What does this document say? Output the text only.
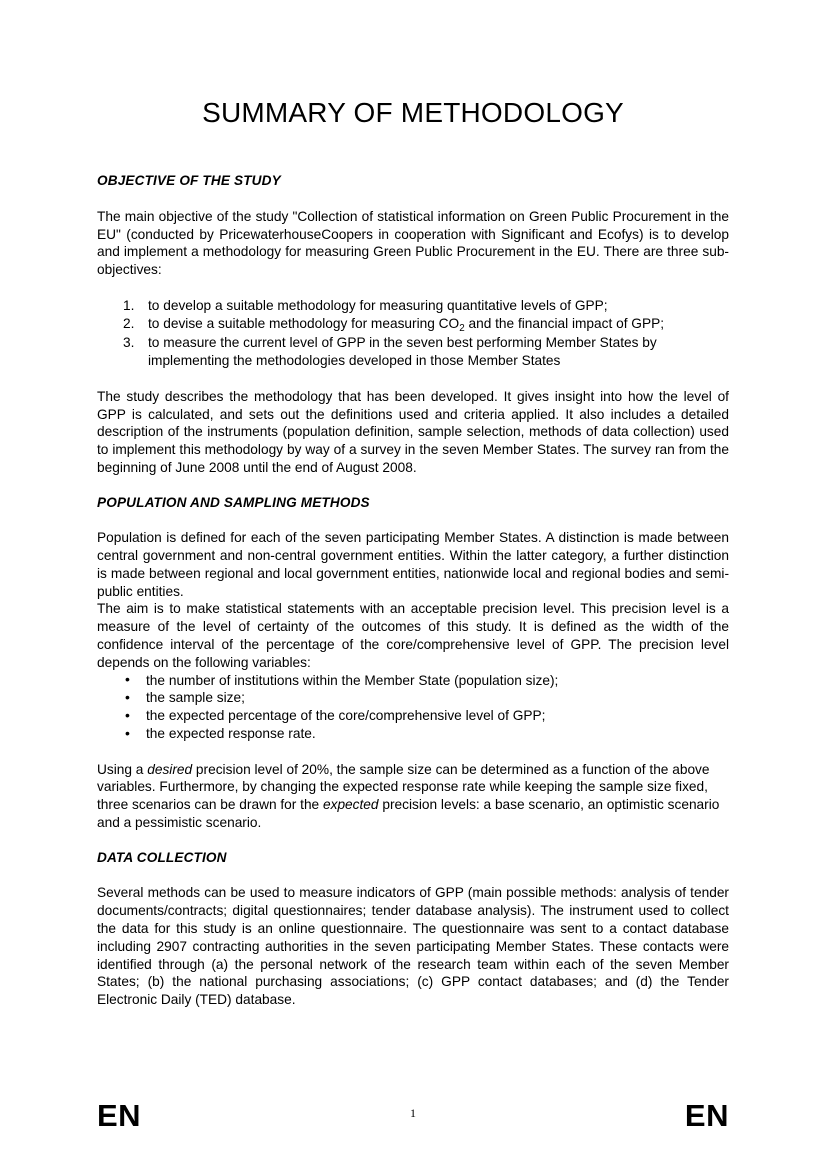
SUMMARY OF METHODOLOGY
OBJECTIVE OF THE STUDY

The main objective of the study "Collection of statistical information on Green Public Procurement in the EU" (conducted by PricewaterhouseCoopers in cooperation with Significant and Ecofys) is to develop and implement a methodology for measuring Green Public Procurement in the EU. There are three sub-objectives:

1. to develop a suitable methodology for measuring quantitative levels of GPP;
2. to devise a suitable methodology for measuring $CO_2$ and the financial impact of GPP;
3. to measure the current level of GPP in the seven best performing Member States by implementing the methodologies developed in those Member States

The study describes the methodology that has been developed. It gives insight into how the level of GPP is calculated, and sets out the definitions used and criteria applied. It also includes a detailed description of the instruments (population definition, sample selection, methods of data collection) used to implement this methodology by way of a survey in the seven Member States. The survey ran from the beginning of June 2008 until the end of August 2008.

POPULATION AND SAMPLING METHODS

Population is defined for each of the seven participating Member States. A distinction is made between central government and non-central government entities. Within the latter category, a further distinction is made between regional and local government entities, nationwide local and regional bodies and semi-public entities.

The aim is to make statistical statements with an acceptable precision level. This precision level is a measure of the level of certainty of the outcomes of this study. It is defined as the width of the confidence interval of the percentage of the core/comprehensive level of GPP. The precision level depends on the following variables:

• the number of institutions within the Member State (population size);
• the sample size;
• the expected percentage of the core/comprehensive level of GPP;
• the expected response rate.

Using a desired precision level of 20%, the sample size can be determined as a function of the above variables. Furthermore, by changing the expected response rate while keeping the sample size fixed, three scenarios can be drawn for the expected precision levels: a base scenario, an optimistic scenario and a pessimistic scenario.

DATA COLLECTION

Several methods can be used to measure indicators of GPP (main possible methods: analysis of tender documents/contracts; digital questionnaires; tender database analysis). The instrument used to collect the data for this study is an online questionnaire. The questionnaire was sent to a contact database including 2907 contracting authorities in the seven participating Member States. These contacts were identified through (a) the personal network of the research team within each of the seven Member States; (b) the national purchasing associations; (c) GPP contact databases; and (d) the Tender Electronic Daily (TED) database.

EN	1	EN
